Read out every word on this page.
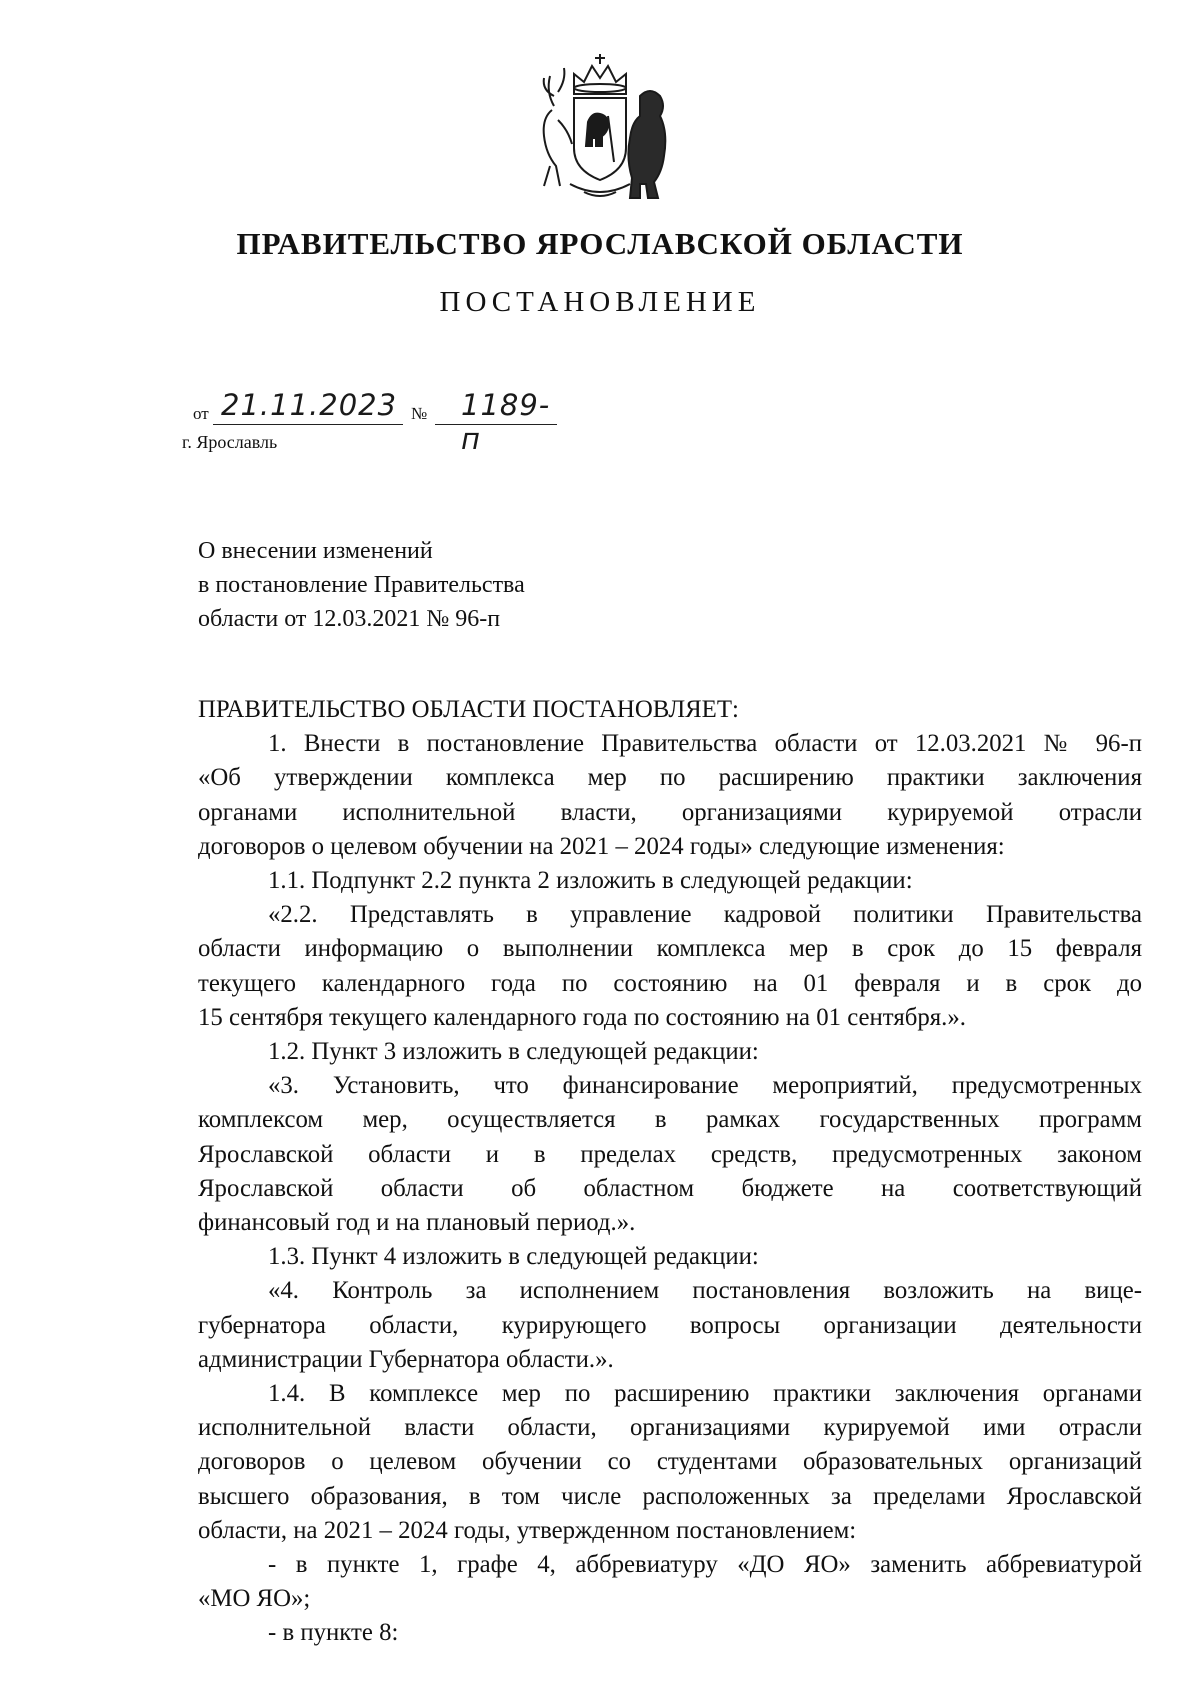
ПРАВИТЕЛЬСТВО ЯРОСЛАВСКОЙ ОБЛАСТИ
ПОСТАНОВЛЕНИЕ
от 21.11.2023 № 1189-п
г. Ярославль
О внесении изменений
в постановление Правительства
области от 12.03.2021 № 96-п
ПРАВИТЕЛЬСТВО ОБЛАСТИ ПОСТАНОВЛЯЕТ:
1. Внести в постановление Правительства области от 12.03.2021 № 96-п
«Об утверждении комплекса мер по расширению практики заключения
органами исполнительной власти, организациями курируемой отрасли
договоров о целевом обучении на 2021 – 2024 годы» следующие изменения:
1.1. Подпункт 2.2 пункта 2 изложить в следующей редакции:
«2.2. Представлять в управление кадровой политики Правительства
области информацию о выполнении комплекса мер в срок до 15 февраля
текущего календарного года по состоянию на 01 февраля и в срок до
15 сентября текущего календарного года по состоянию на 01 сентября.».
1.2. Пункт 3 изложить в следующей редакции:
«3. Установить, что финансирование мероприятий, предусмотренных
комплексом мер, осуществляется в рамках государственных программ
Ярославской области и в пределах средств, предусмотренных законом
Ярославской области об областном бюджете на соответствующий
финансовый год и на плановый период.».
1.3. Пункт 4 изложить в следующей редакции:
«4. Контроль за исполнением постановления возложить на вице-
губернатора области, курирующего вопросы организации деятельности
администрации Губернатора области.».
1.4. В комплексе мер по расширению практики заключения органами
исполнительной власти области, организациями курируемой ими отрасли
договоров о целевом обучении со студентами образовательных организаций
высшего образования, в том числе расположенных за пределами Ярославской
области, на 2021 – 2024 годы, утвержденном постановлением:
- в пункте 1, графе 4, аббревиатуру «ДО ЯО» заменить аббревиатурой
«МО ЯО»;
- в пункте 8:
